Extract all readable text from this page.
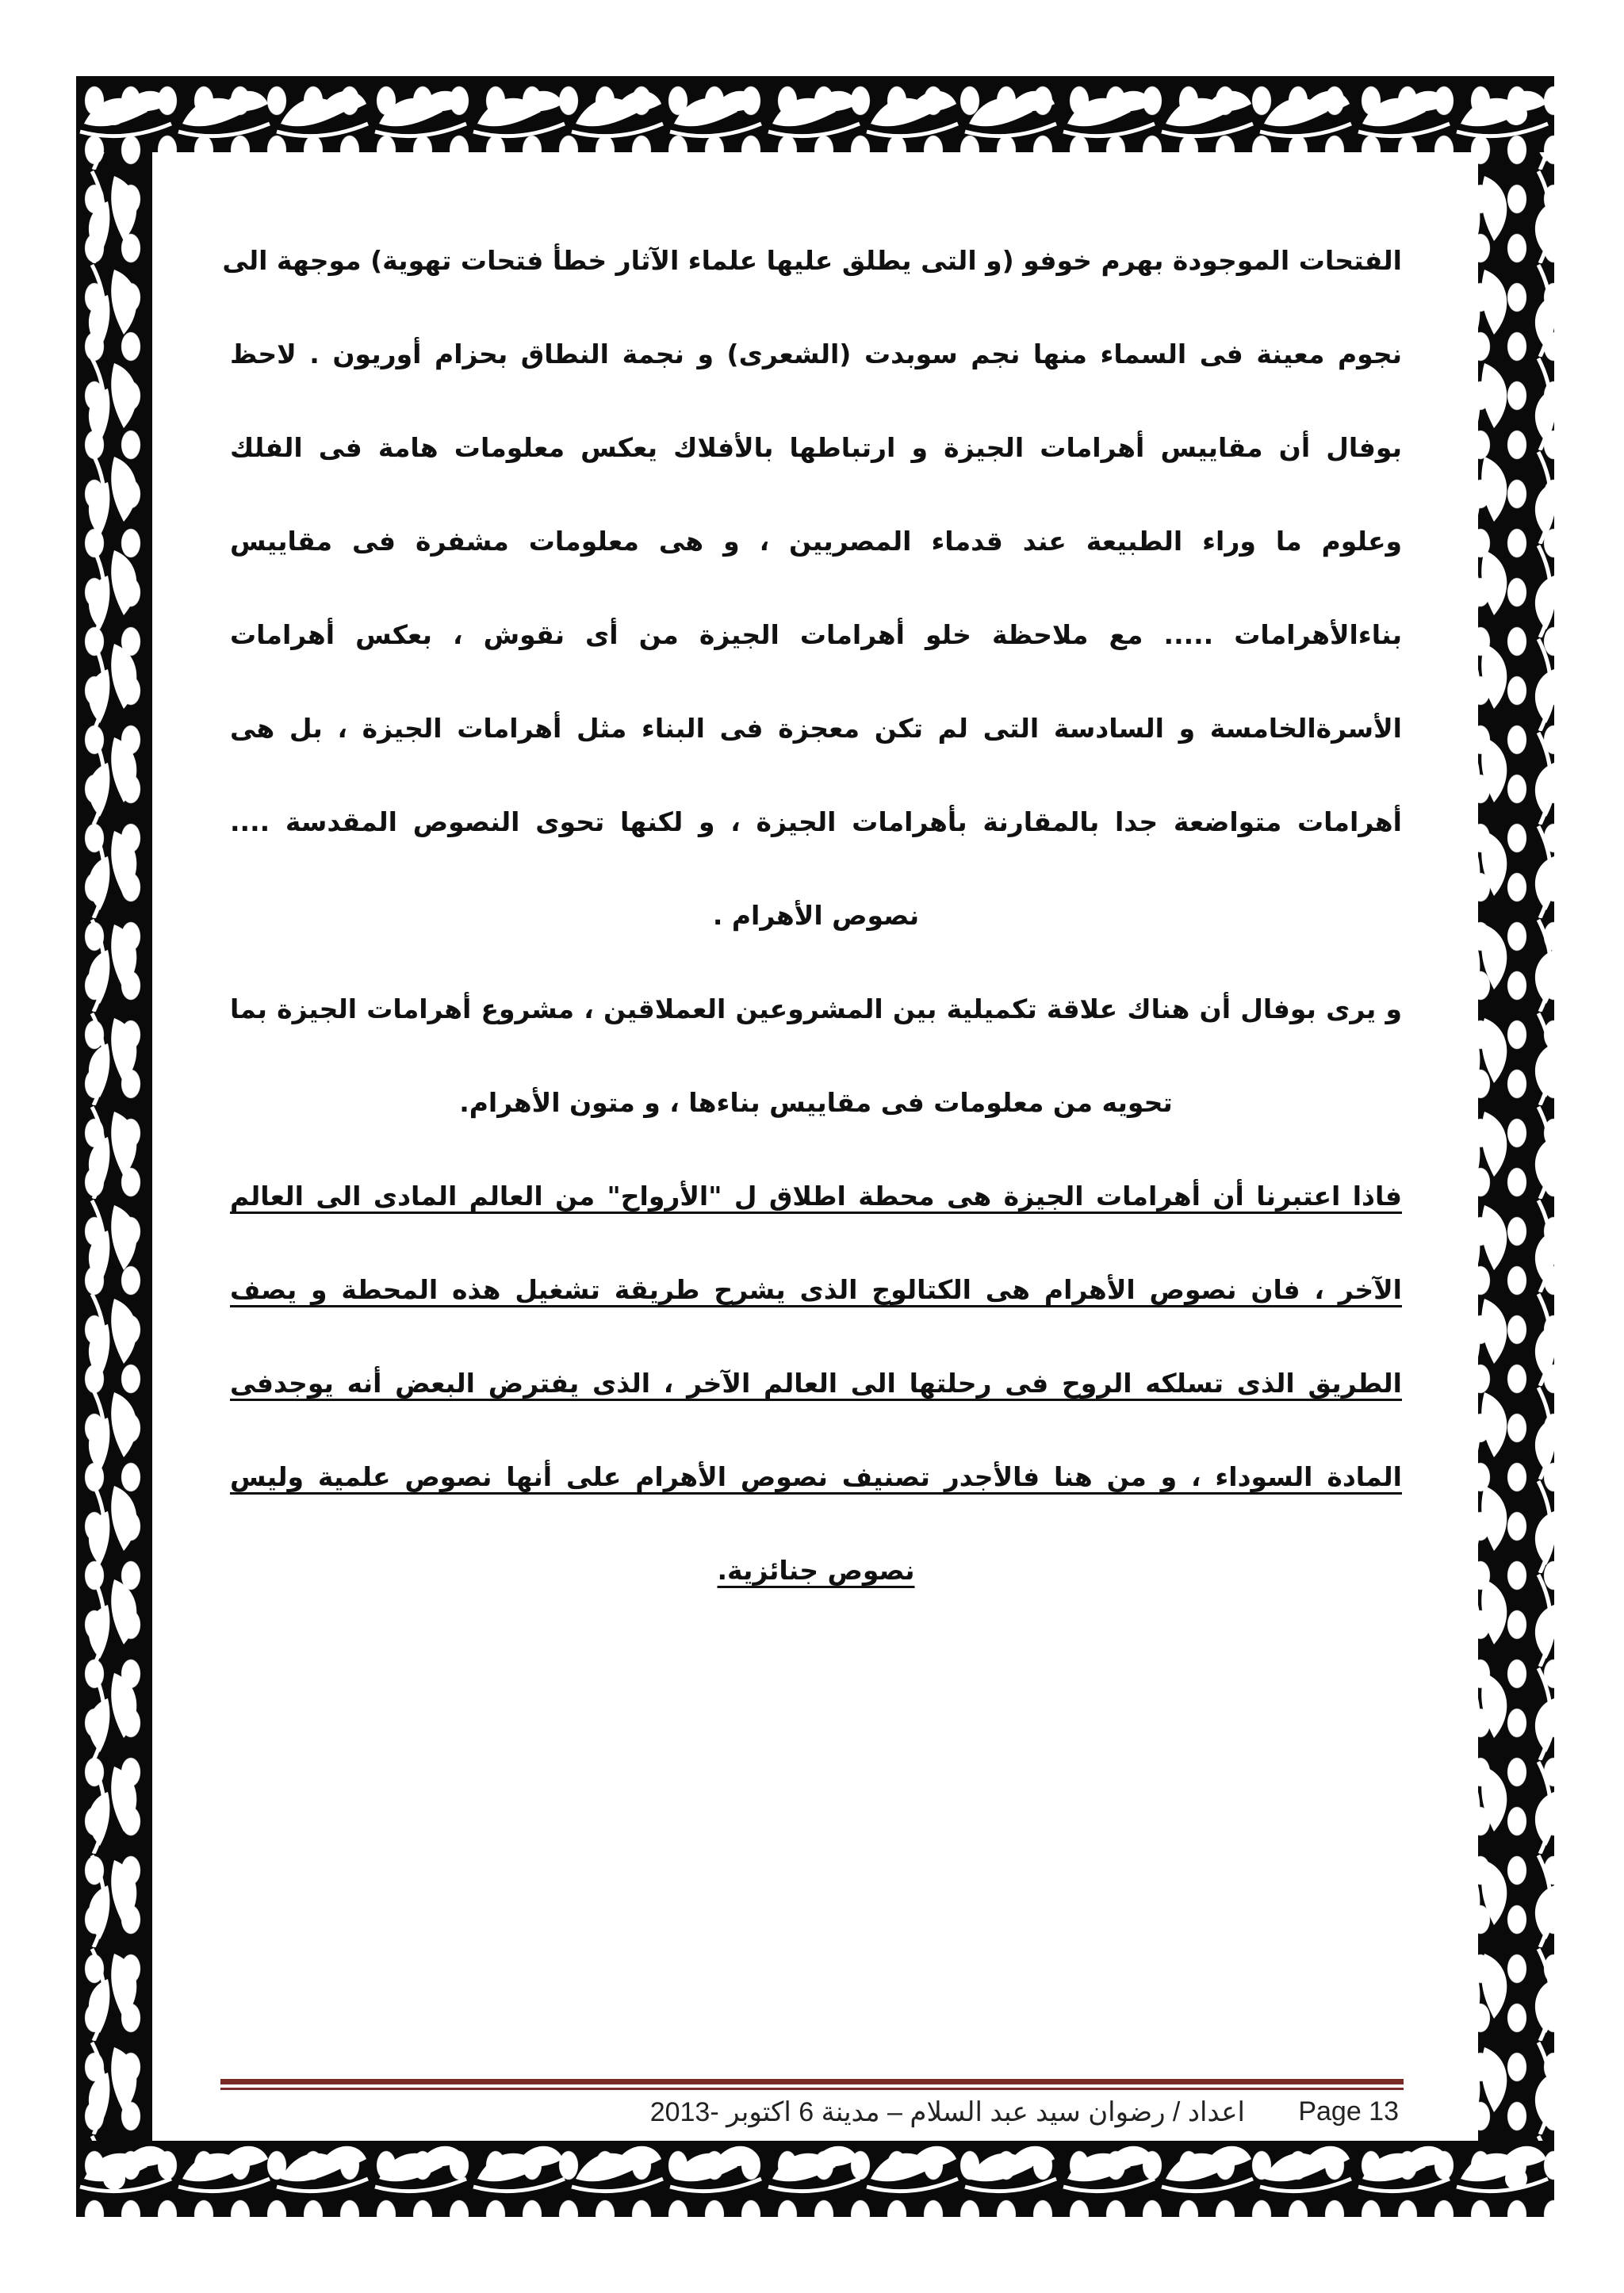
الفتحات الموجودة بهرم خوفو (و التى يطلق عليها علماء الآثار خطأ فتحات تهوية) موجهة الى
نجوم معينة فى السماء منها نجم سوبدت (الشعرى) و نجمة النطاق بحزام أوريون . لاحظ
بوفال أن مقاييس أهرامات الجيزة و ارتباطها بالأفلاك يعكس معلومات هامة فى الفلك
وعلوم ما وراء الطبيعة عند قدماء المصريين ، و هى معلومات مشفرة فى مقاييس
بناءالأهرامات ..... مع ملاحظة خلو أهرامات الجيزة من أى نقوش ، بعكس أهرامات
الأسرةالخامسة و السادسة التى لم تكن معجزة فى البناء مثل أهرامات الجيزة ، بل هى
أهرامات متواضعة جدا بالمقارنة بأهرامات الجيزة ، و لكنها تحوى النصوص المقدسة ....
نصوص الأهرام .
و يرى بوفال أن هناك علاقة تكميلية بين المشروعين العملاقين ، مشروع أهرامات الجيزة بما
تحويه من معلومات فى مقاييس بناءها ، و متون الأهرام.
فاذا اعتبرنا أن أهرامات الجيزة هى محطة اطلاق ل "الأرواح" من العالم المادى الى العالم
الآخر ، فان نصوص الأهرام هى الكتالوج الذى يشرح طريقة تشغيل هذه المحطة و يصف
الطريق الذى تسلكه الروح فى رحلتها الى العالم الآخر ، الذى يفترض البعض أنه يوجدفى
المادة السوداء ، و من هنا فالأجدر تصنيف نصوص الأهرام على أنها نصوص علمية وليس
نصوص جنائزية.
Page 13
اعداد / رضوان سيد عبد السلام – مدينة 6 اكتوبر -2013
